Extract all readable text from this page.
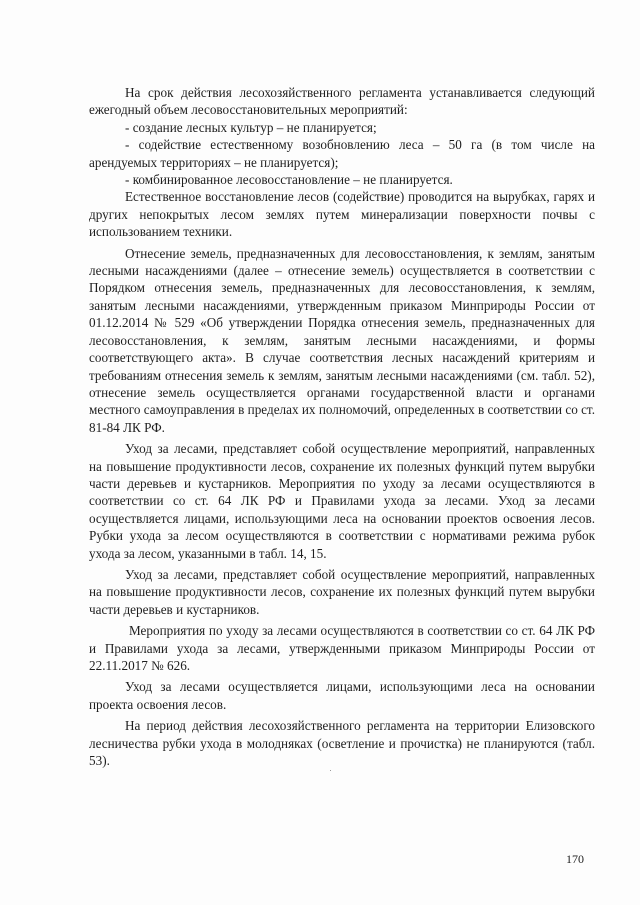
На срок действия лесохозяйственного регламента устанавливается следующий ежегодный объем лесовосстановительных мероприятий:

- создание лесных культур – не планируется;

- содействие естественному возобновлению леса – 50 га (в том числе на арендуемых территориях – не планируется);

- комбинированное лесовосстановление – не планируется.

Естественное восстановление лесов (содействие) проводится на вырубках, гарях и других непокрытых лесом землях путем минерализации поверхности почвы с использованием техники.

Отнесение земель, предназначенных для лесовосстановления, к землям, занятым лесными насаждениями (далее – отнесение земель) осуществляется в соответствии с Порядком отнесения земель, предназначенных для лесовосстановления, к землям, занятым лесными насаждениями, утвержденным приказом Минприроды России от 01.12.2014 № 529 «Об утверждении Порядка отнесения земель, предназначенных для лесовосстановления, к землям, занятым лесными насаждениями, и формы соответствующего акта». В случае соответствия лесных насаждений критериям и требованиям отнесения земель к землям, занятым лесными насаждениями (см. табл. 52), отнесение земель осуществляется органами государственной власти и органами местного самоуправления в пределах их полномочий, определенных в соответствии со ст. 81-84 ЛК РФ.

Уход за лесами, представляет собой осуществление мероприятий, направленных на повышение продуктивности лесов, сохранение их полезных функций путем вырубки части деревьев и кустарников. Мероприятия по уходу за лесами осуществляются в соответствии со ст. 64 ЛК РФ и Правилами ухода за лесами. Уход за лесами осуществляется лицами, использующими леса на основании проектов освоения лесов. Рубки ухода за лесом осуществляются в соответствии с нормативами режима рубок ухода за лесом, указанными в табл. 14, 15.

Уход за лесами, представляет собой осуществление мероприятий, направленных на повышение продуктивности лесов, сохранение их полезных функций путем вырубки части деревьев и кустарников.

Мероприятия по уходу за лесами осуществляются в соответствии со ст. 64 ЛК РФ и Правилами ухода за лесами, утвержденными приказом Минприроды России от 22.11.2017 № 626.

Уход за лесами осуществляется лицами, использующими леса на основании проекта освоения лесов.

На период действия лесохозяйственного регламента на территории Елизовского лесничества рубки ухода в молодняках (осветление и прочистка) не планируются (табл. 53).

170
